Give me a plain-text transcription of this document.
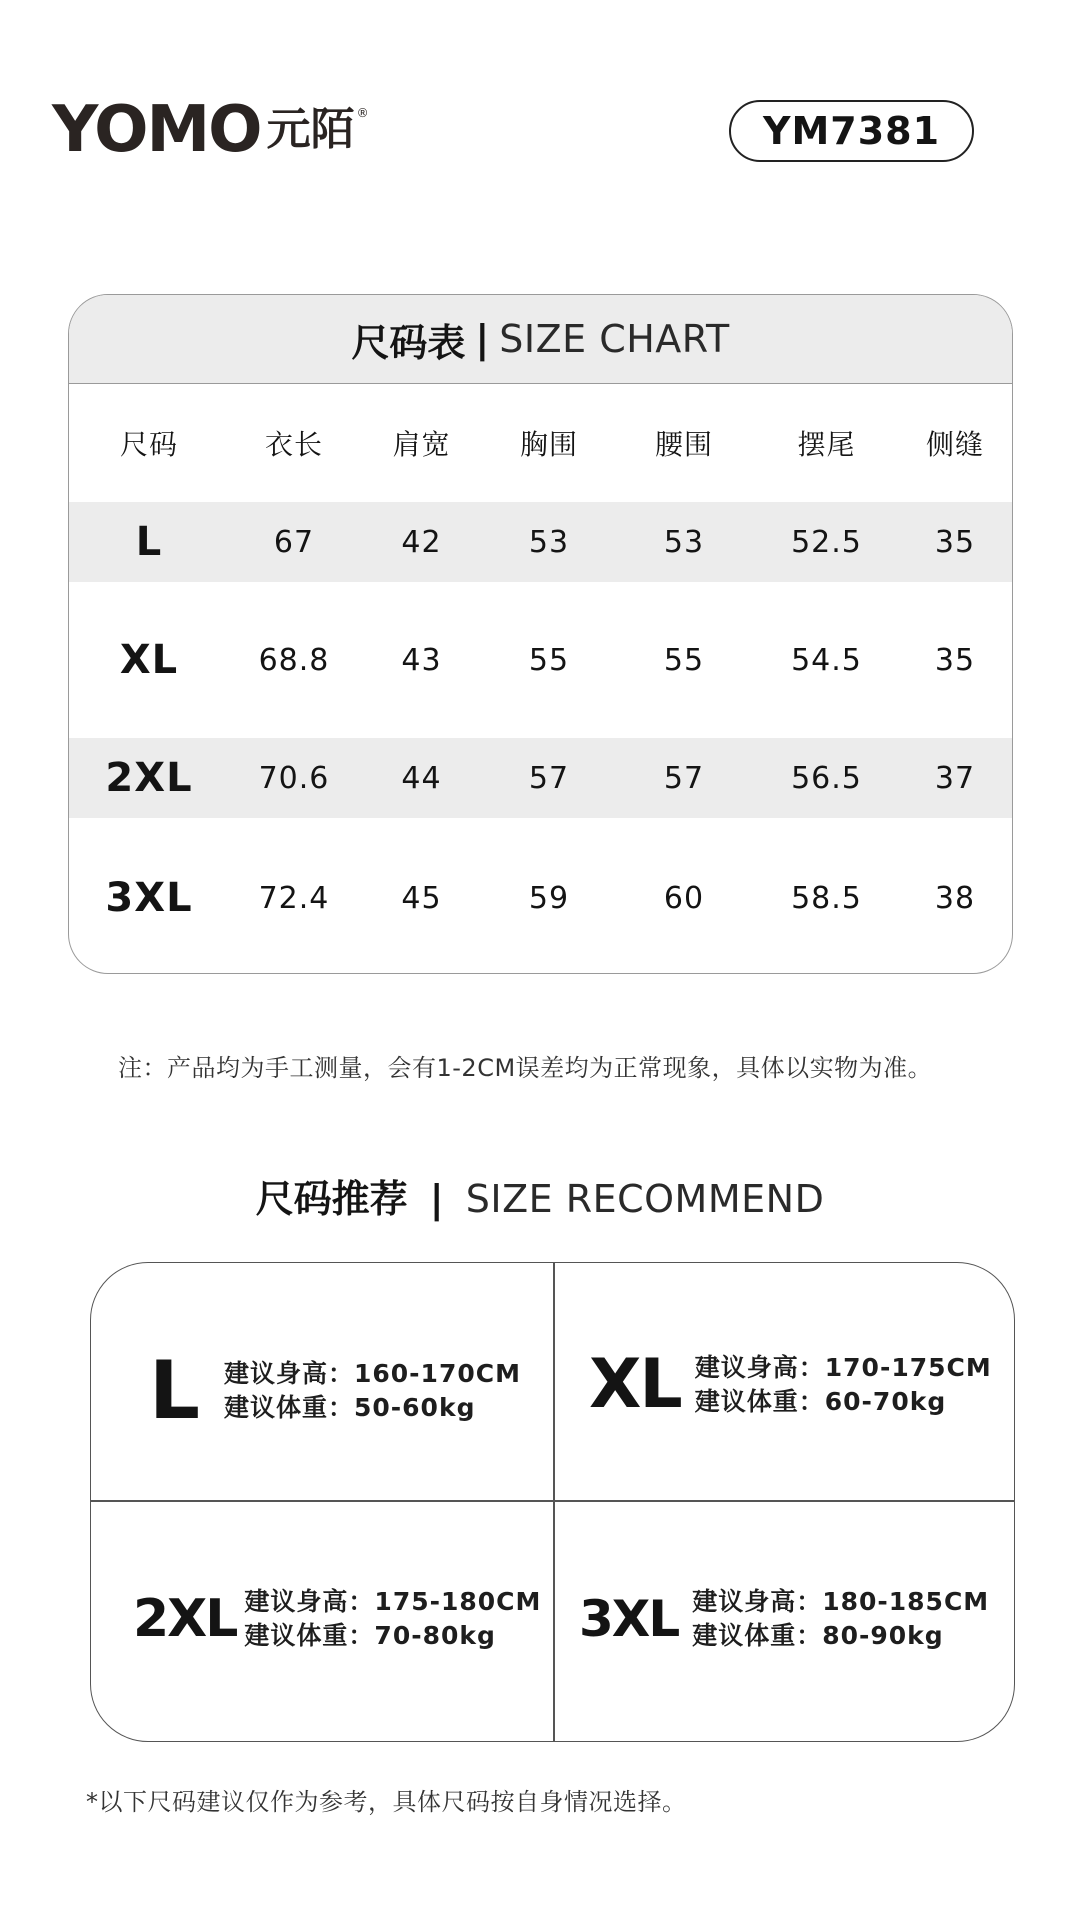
YOMO 元陌 ®	YM7381
尺码表 | SIZE CHART
尺码	衣长	肩宽	胸围	腰围	摆尾	侧缝
L	67	42	53	53	52.5	35
XL	68.8	43	55	55	54.5	35
2XL	70.6	44	57	57	56.5	37
3XL	72.4	45	59	60	58.5	38
注：产品均为手工测量，会有1-2CM误差均为正常现象，具体以实物为准。
尺码推荐 | SIZE RECOMMEND
L 建议身高：160-170CM
建议体重：50-60kg	XL 建议身高：170-175CM
建议体重：60-70kg
2XL 建议身高：175-180CM
建议体重：70-80kg	3XL 建议身高：180-185CM
建议体重：80-90kg
*以下尺码建议仅作为参考，具体尺码按自身情况选择。
